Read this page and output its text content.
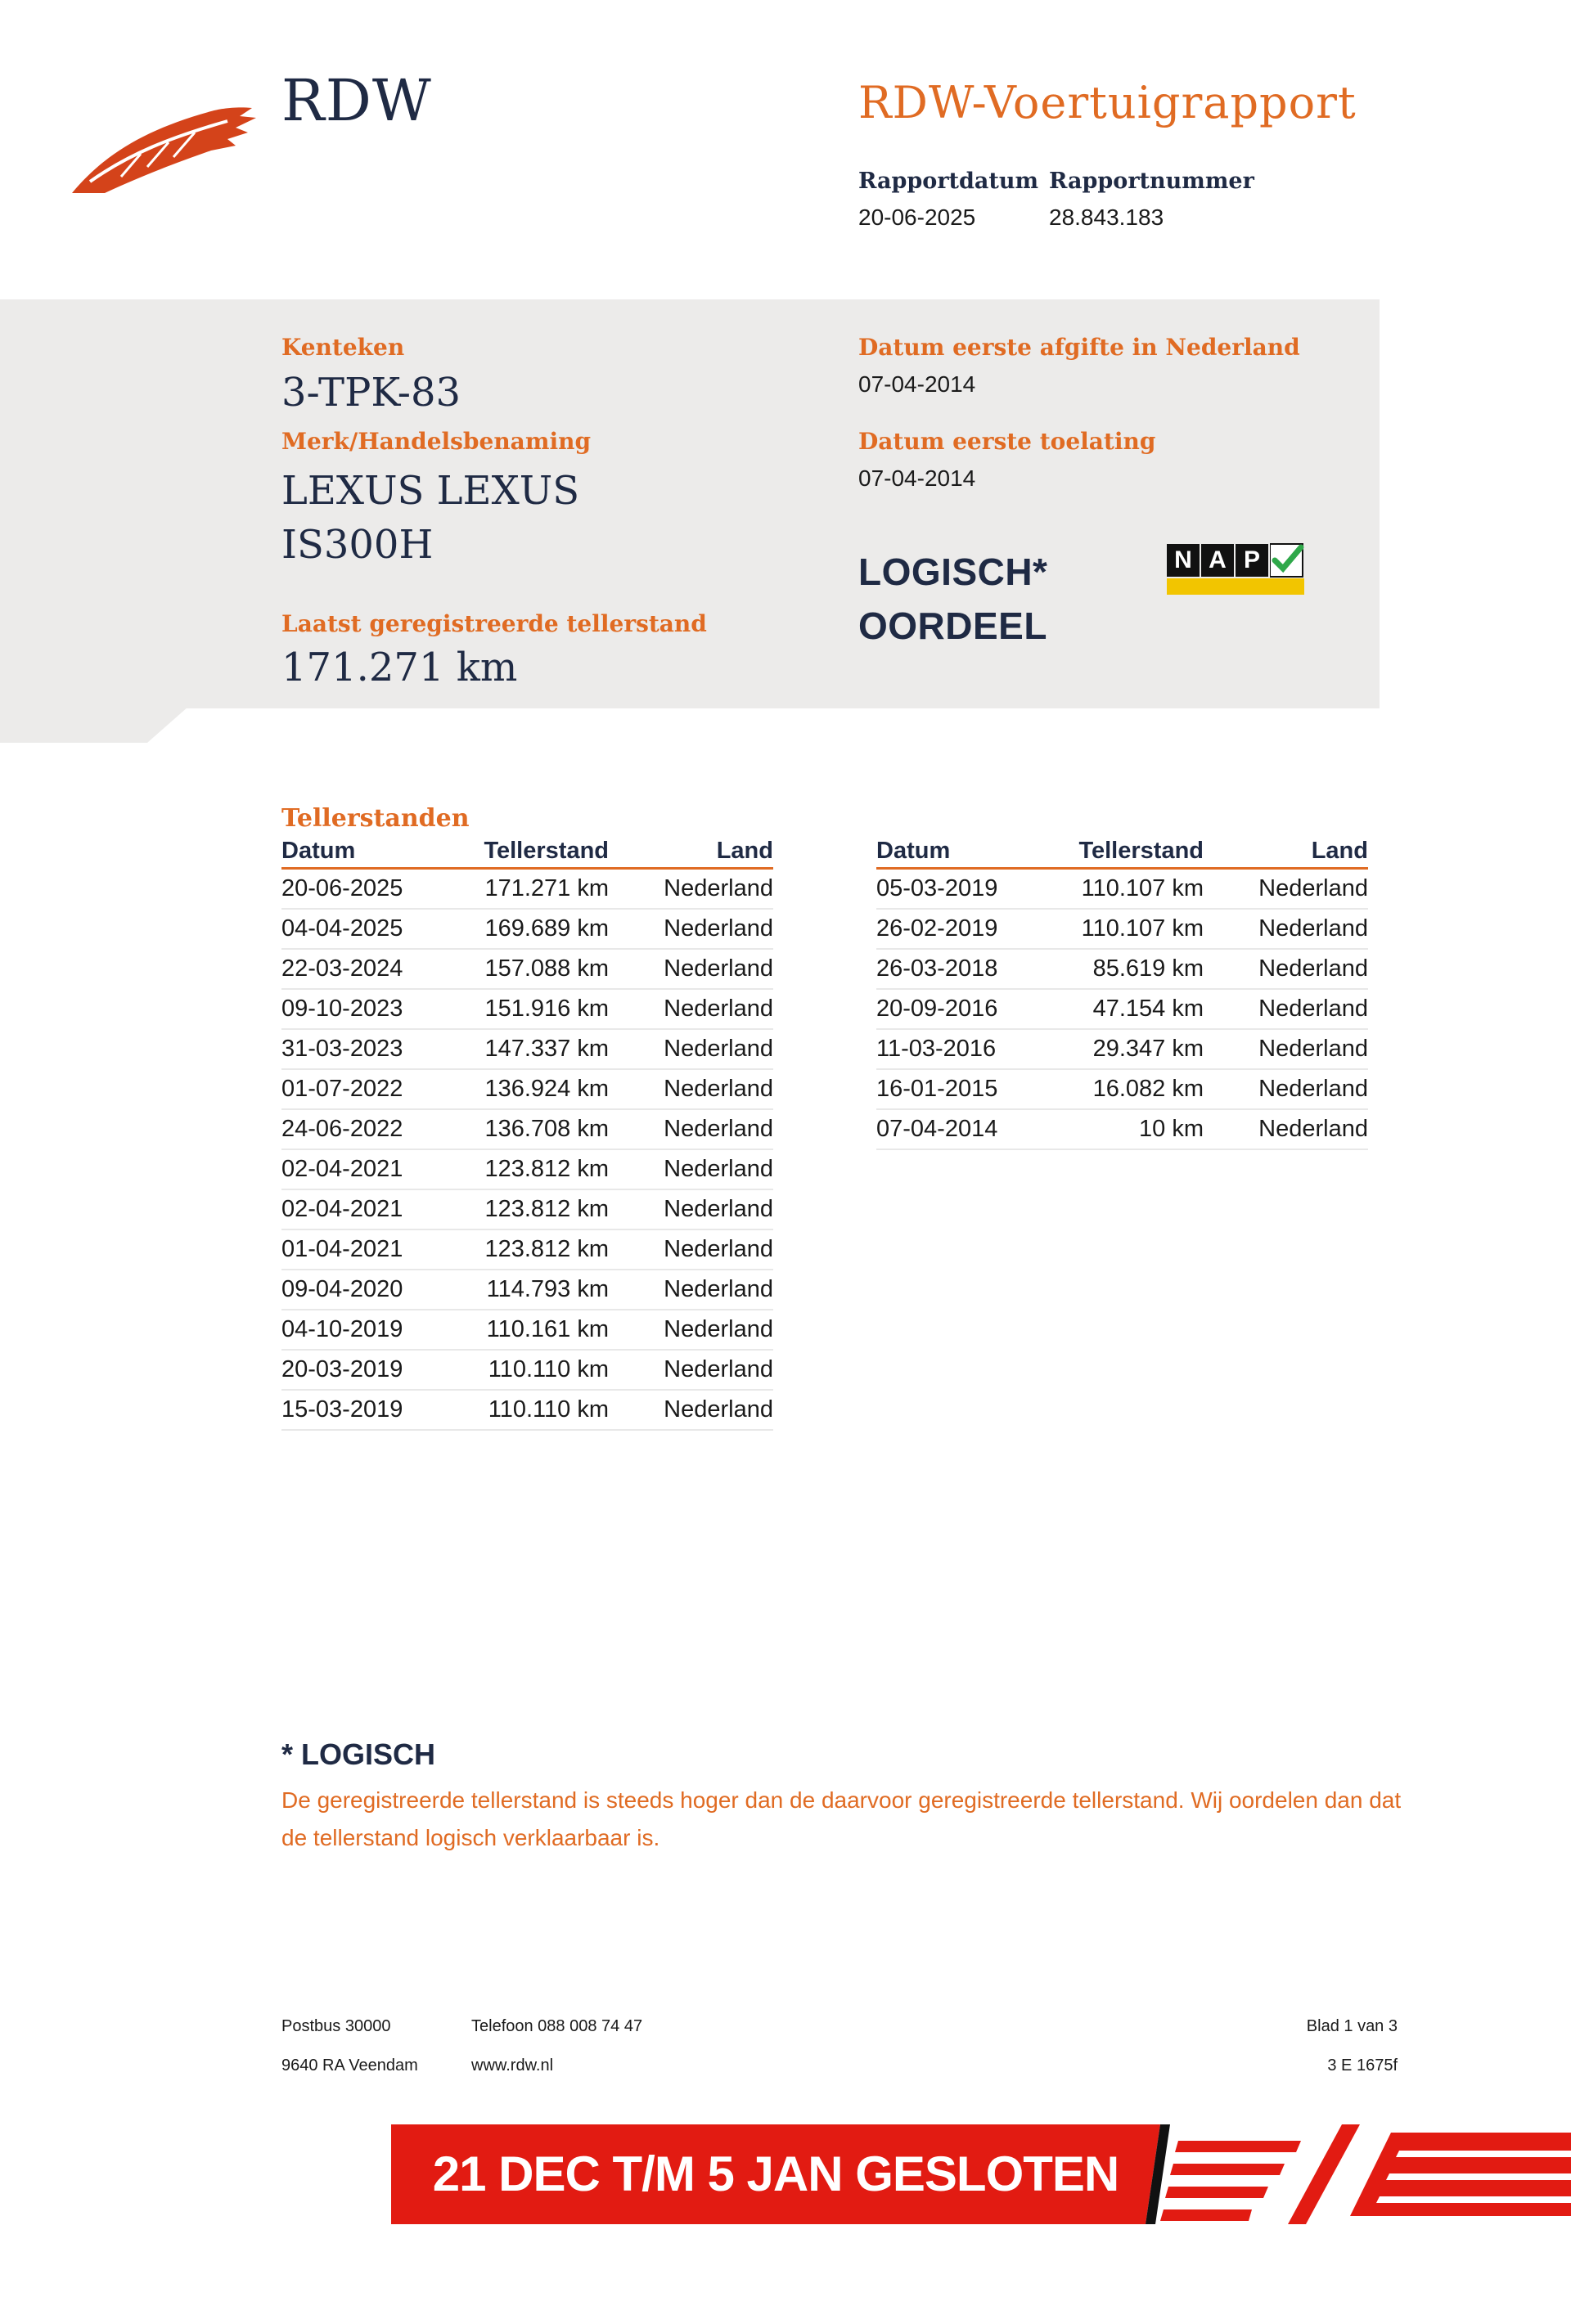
RDW	RDW-Voertuigrapport
Rapportdatum
20-06-2025
Rapportnummer
28.843.183
Kenteken
3-TPK-83
Merk/Handelsbenaming
LEXUS LEXUS
IS300H
Laatst geregistreerde tellerstand
171.271 km
Datum eerste afgifte in Nederland
07-04-2014
Datum eerste toelating
07-04-2014
LOGISCH*
OORDEEL
N A P
Tellerstanden
Datum	Tellerstand	Land
20-06-2025	171.271 km	Nederland
04-04-2025	169.689 km	Nederland
22-03-2024	157.088 km	Nederland
09-10-2023	151.916 km	Nederland
31-03-2023	147.337 km	Nederland
01-07-2022	136.924 km	Nederland
24-06-2022	136.708 km	Nederland
02-04-2021	123.812 km	Nederland
02-04-2021	123.812 km	Nederland
01-04-2021	123.812 km	Nederland
09-04-2020	114.793 km	Nederland
04-10-2019	110.161 km	Nederland
20-03-2019	110.110 km	Nederland
15-03-2019	110.110 km	Nederland
Datum	Tellerstand	Land
05-03-2019	110.107 km	Nederland
26-02-2019	110.107 km	Nederland
26-03-2018	85.619 km	Nederland
20-09-2016	47.154 km	Nederland
11-03-2016	29.347 km	Nederland
16-01-2015	16.082 km	Nederland
07-04-2014	10 km	Nederland
* LOGISCH
De geregistreerde tellerstand is steeds hoger dan de daarvoor geregistreerde tellerstand. Wij oordelen dan dat de tellerstand logisch verklaarbaar is.
Postbus 30000
9640 RA Veendam
Telefoon 088 008 74 47
www.rdw.nl
Blad 1 van 3
3 E 1675f
21 DEC T/M 5 JAN GESLOTEN IVM VAKANTIE
